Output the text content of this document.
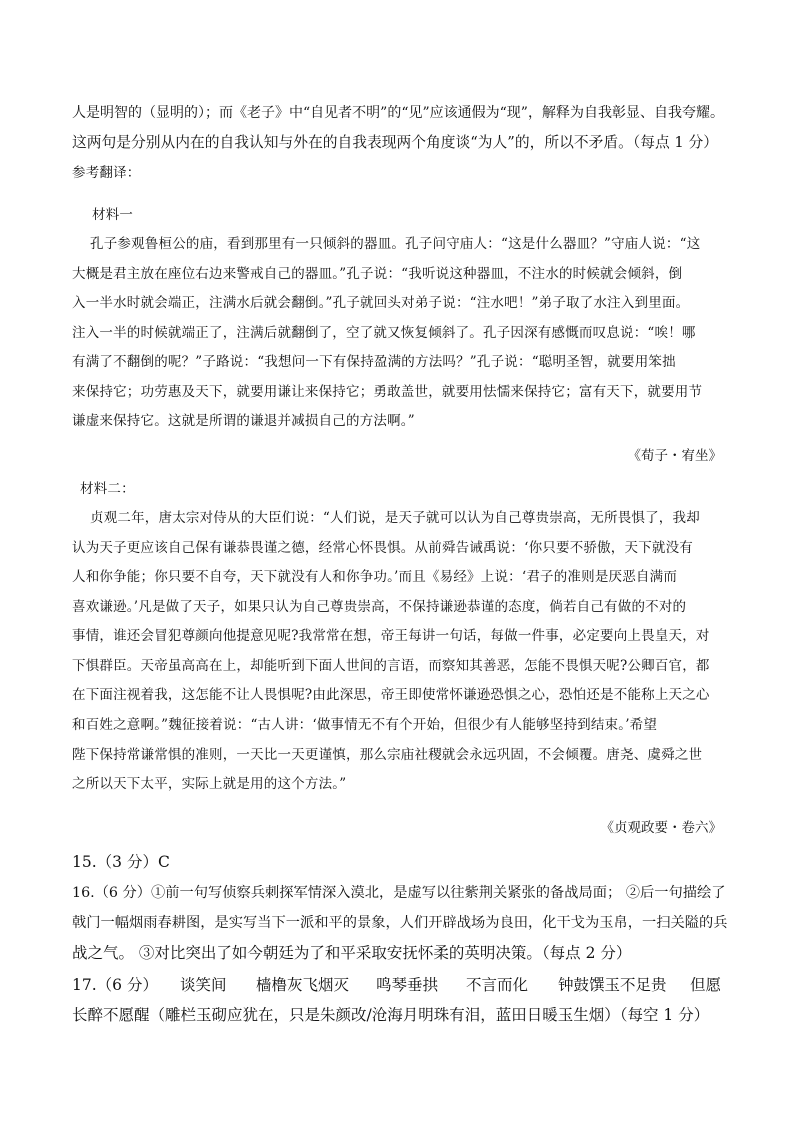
人是明智的（显明的）；而《老子》中“自见者不明”的“见”应该通假为“现”，解释为自我彰显、自我夸耀。
这两句是分别从内在的自我认知与外在的自我表现两个角度谈“为人”的，所以不矛盾。（每点 1 分）
参考翻译：
材料一
孔子参观鲁桓公的庙，看到那里有一只倾斜的器皿。孔子问守庙人：“这是什么器皿？”守庙人说：“这
大概是君主放在座位右边来警戒自己的器皿。”孔子说：“我听说这种器皿，不注水的时候就会倾斜，倒
入一半水时就会端正，注满水后就会翻倒。”孔子就回头对弟子说：“注水吧！”弟子取了水注入到里面。
注入一半的时候就端正了，注满后就翻倒了，空了就又恢复倾斜了。孔子因深有感慨而叹息说：“唉！哪
有满了不翻倒的呢？”子路说：“我想问一下有保持盈满的方法吗？”孔子说：“聪明圣智，就要用笨拙
来保持它；功劳惠及天下，就要用谦让来保持它；勇敢盖世，就要用怯懦来保持它；富有天下，就要用节
谦虚来保持它。这就是所谓的谦退并减损自己的方法啊。”
《荀子・宥坐》
材料二：
贞观二年，唐太宗对侍从的大臣们说：“人们说，是天子就可以认为自己尊贵崇高，无所畏惧了，我却
认为天子更应该自己保有谦恭畏谨之德，经常心怀畏惧。从前舜告诫禹说：‘你只要不骄傲，天下就没有
人和你争能；你只要不自夸，天下就没有人和你争功。’而且《易经》上说：‘君子的准则是厌恶自满而
喜欢谦逊。’凡是做了天子，如果只认为自己尊贵崇高，不保持谦逊恭谨的态度，倘若自己有做的不对的
事情，谁还会冒犯尊颜向他提意见呢?我常常在想，帝王每讲一句话，每做一件事，必定要向上畏皇天，对
下惧群臣。天帝虽高高在上，却能听到下面人世间的言语，而察知其善恶，怎能不畏惧天呢?公卿百官，都
在下面注视着我，这怎能不让人畏惧呢?由此深思，帝王即使常怀谦逊恐惧之心，恐怕还是不能称上天之心
和百姓之意啊。”魏征接着说：“古人讲：‘做事情无不有个开始，但很少有人能够坚持到结束。’希望
陛下保持常谦常惧的准则，一天比一天更谨慎，那么宗庙社稷就会永远巩固，不会倾覆。唐尧、虞舜之世
之所以天下太平，实际上就是用的这个方法。”
《贞观政要・卷六》
15.（3 分）C
16.（6 分）①前一句写侦察兵刺探军情深入漠北，是虚写以往紫荆关紧张的备战局面； ②后一句描绘了
戟门一幅烟雨春耕图，是实写当下一派和平的景象，人们开辟战场为良田，化干戈为玉帛，一扫关隘的兵
战之气。 ③对比突出了如今朝廷为了和平采取安抚怀柔的英明决策。（每点 2 分）
17.（6 分） 谈笑间 樯橹灰飞烟灭 鸣琴垂拱 不言而化 钟鼓馔玉不足贵 但愿
长醉不愿醒（雕栏玉砌应犹在，只是朱颜改/沧海月明珠有泪，蓝田日暖玉生烟）（每空 1 分）
